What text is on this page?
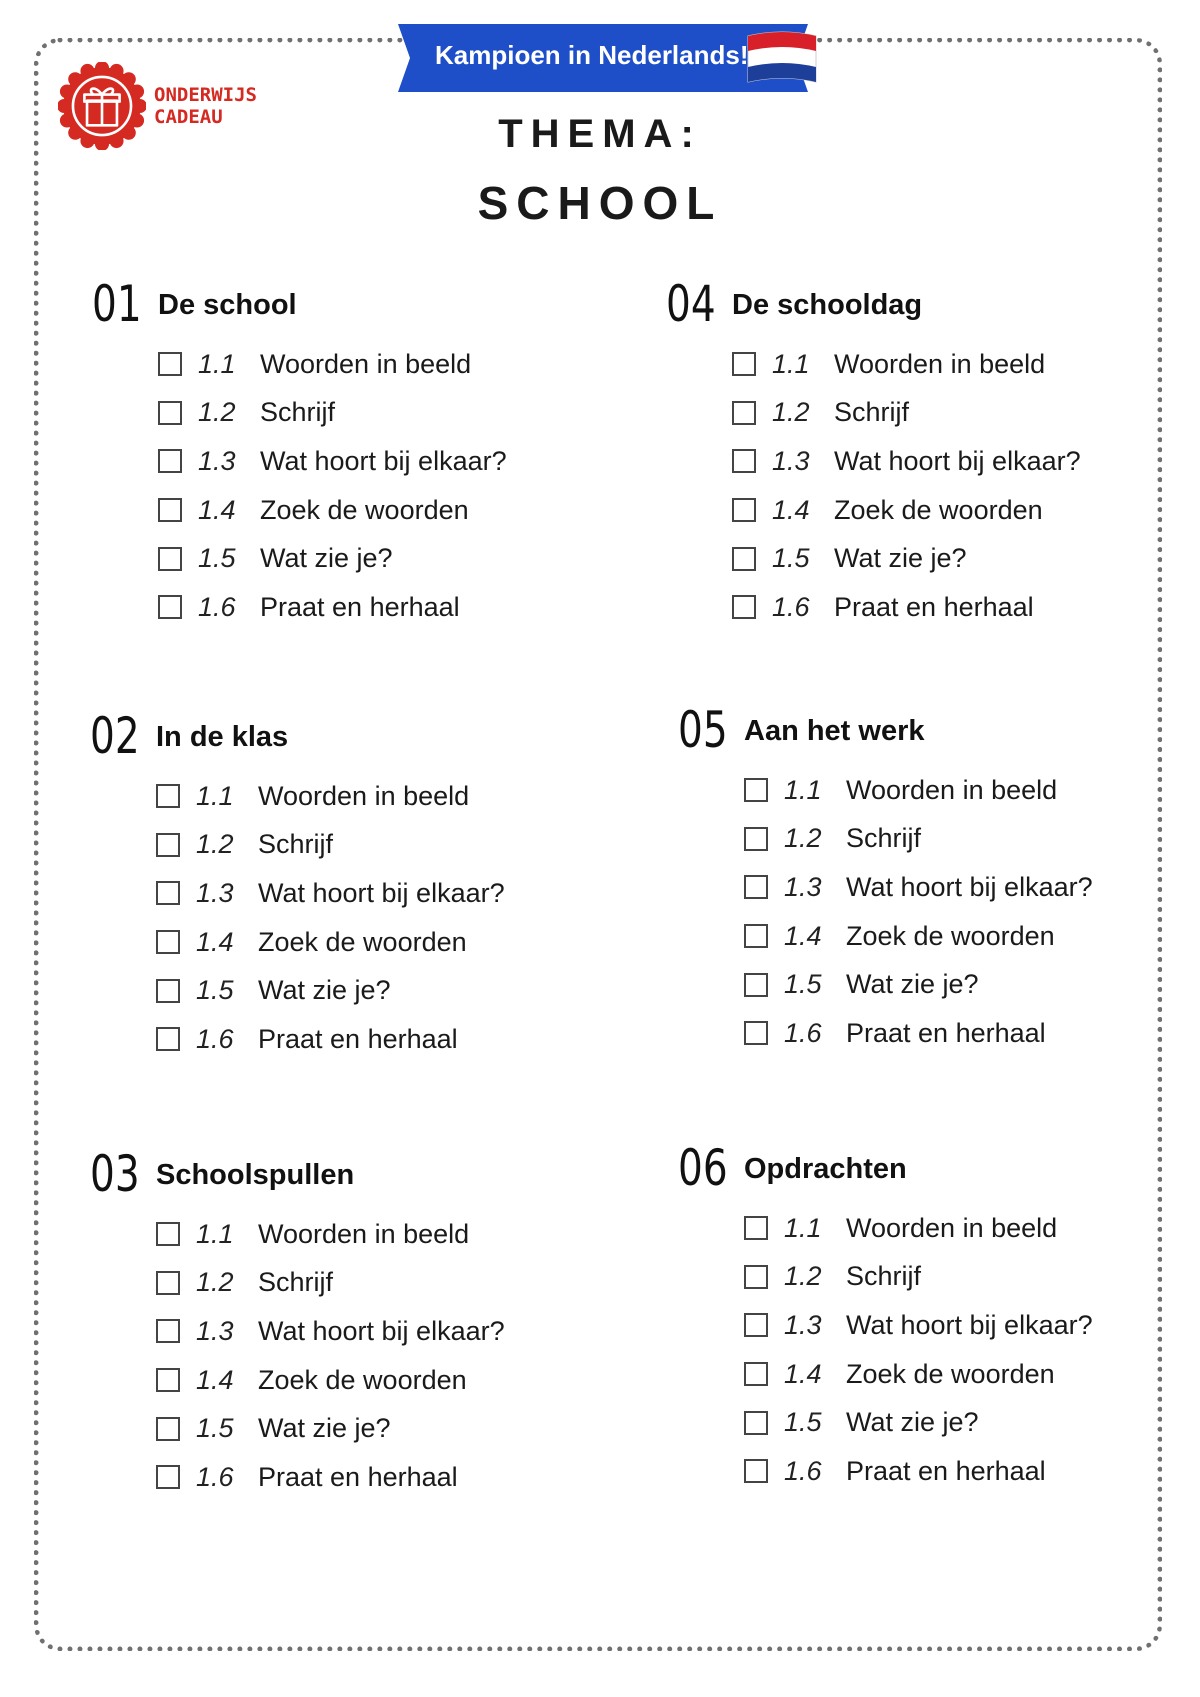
ONDERWIJS
CADEAU
Kampioen in Nederlands!
THEMA:
SCHOOL
01 De school
1.1 Woorden in beeld
1.2 Schrijf
1.3 Wat hoort bij elkaar?
1.4 Zoek de woorden
1.5 Wat zie je?
1.6 Praat en herhaal
02 In de klas
1.1 Woorden in beeld
1.2 Schrijf
1.3 Wat hoort bij elkaar?
1.4 Zoek de woorden
1.5 Wat zie je?
1.6 Praat en herhaal
03 Schoolspullen
1.1 Woorden in beeld
1.2 Schrijf
1.3 Wat hoort bij elkaar?
1.4 Zoek de woorden
1.5 Wat zie je?
1.6 Praat en herhaal
04 De schooldag
1.1 Woorden in beeld
1.2 Schrijf
1.3 Wat hoort bij elkaar?
1.4 Zoek de woorden
1.5 Wat zie je?
1.6 Praat en herhaal
05 Aan het werk
1.1 Woorden in beeld
1.2 Schrijf
1.3 Wat hoort bij elkaar?
1.4 Zoek de woorden
1.5 Wat zie je?
1.6 Praat en herhaal
06 Opdrachten
1.1 Woorden in beeld
1.2 Schrijf
1.3 Wat hoort bij elkaar?
1.4 Zoek de woorden
1.5 Wat zie je?
1.6 Praat en herhaal
